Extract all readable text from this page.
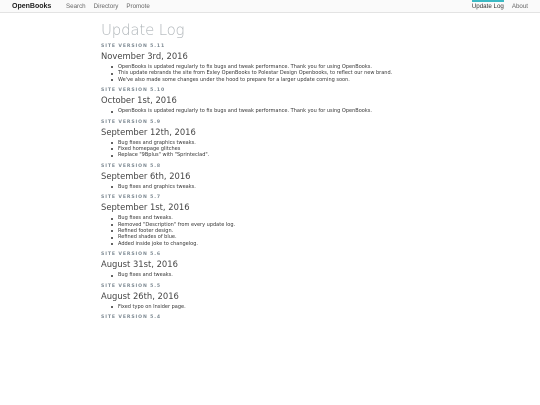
OpenBooks Search Directory Promote	Update Log About
Update Log
SITE VERSION 5.11
November 3rd, 2016
OpenBooks is updated regularly to fix bugs and tweak performance. Thank you for using OpenBooks.
This update rebrands the site from Exley OpenBooks to Polestar Design Openbooks, to reflect our new brand.
We've also made some changes under the hood to prepare for a larger update coming soon.
SITE VERSION 5.10
October 1st, 2016
OpenBooks is updated regularly to fix bugs and tweak performance. Thank you for using OpenBooks.
SITE VERSION 5.9
September 12th, 2016
Bug fixes and graphics tweaks.
Fixed homepage glitches
Replace "9Bplus" with "Sprinteclad".
SITE VERSION 5.8
September 6th, 2016
Bug fixes and graphics tweaks.
SITE VERSION 5.7
September 1st, 2016
Bug fixes and tweaks.
Removed "Description" from every update log.
Refined footer design.
Refined shades of blue.
Added inside joke to changelog.
SITE VERSION 5.6
August 31st, 2016
Bug fixes and tweaks.
SITE VERSION 5.5
August 26th, 2016
Fixed typo on Insider page.
SITE VERSION 5.4
